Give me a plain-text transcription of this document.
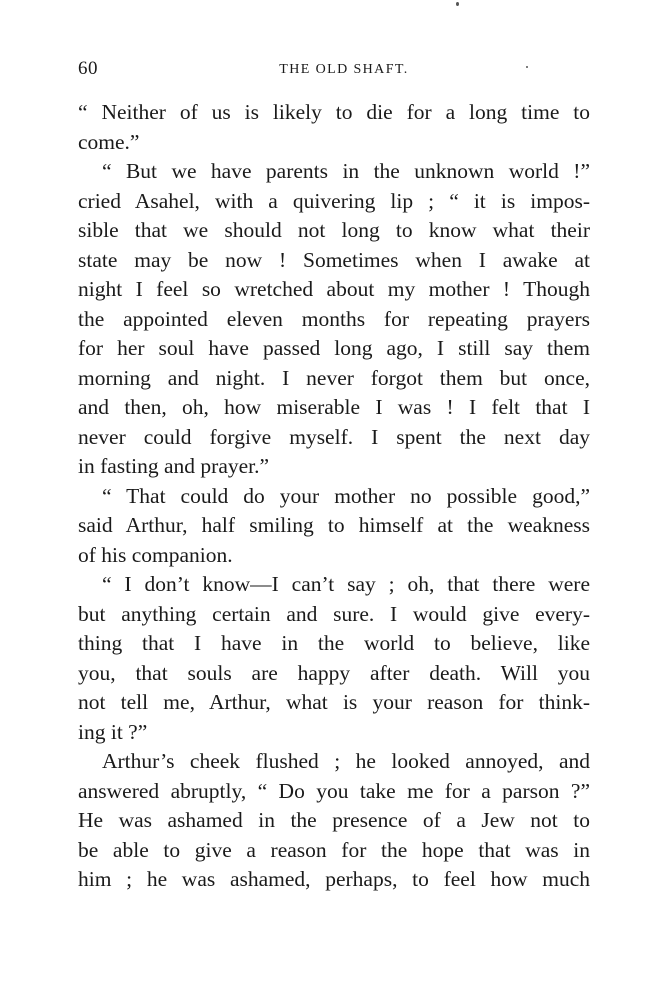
60	THE OLD SHAFT.
“ Neither of us is likely to die for a long time to
come.”
“ But we have parents in the unknown world !”
cried Asahel, with a quivering lip ; “ it is impos-
sible that we should not long to know what their
state may be now ! Sometimes when I awake at
night I feel so wretched about my mother ! Though
the appointed eleven months for repeating prayers
for her soul have passed long ago, I still say them
morning and night. I never forgot them but once,
and then, oh, how miserable I was ! I felt that I
never could forgive myself. I spent the next day
in fasting and prayer.”
“ That could do your mother no possible good,”
said Arthur, half smiling to himself at the weakness
of his companion.
“ I don’t know—I can’t say ; oh, that there were
but anything certain and sure. I would give every-
thing that I have in the world to believe, like
you, that souls are happy after death. Will you
not tell me, Arthur, what is your reason for think-
ing it ?”
Arthur’s cheek flushed ; he looked annoyed, and
answered abruptly, “ Do you take me for a parson ?”
He was ashamed in the presence of a Jew not to
be able to give a reason for the hope that was in
him ; he was ashamed, perhaps, to feel how much
